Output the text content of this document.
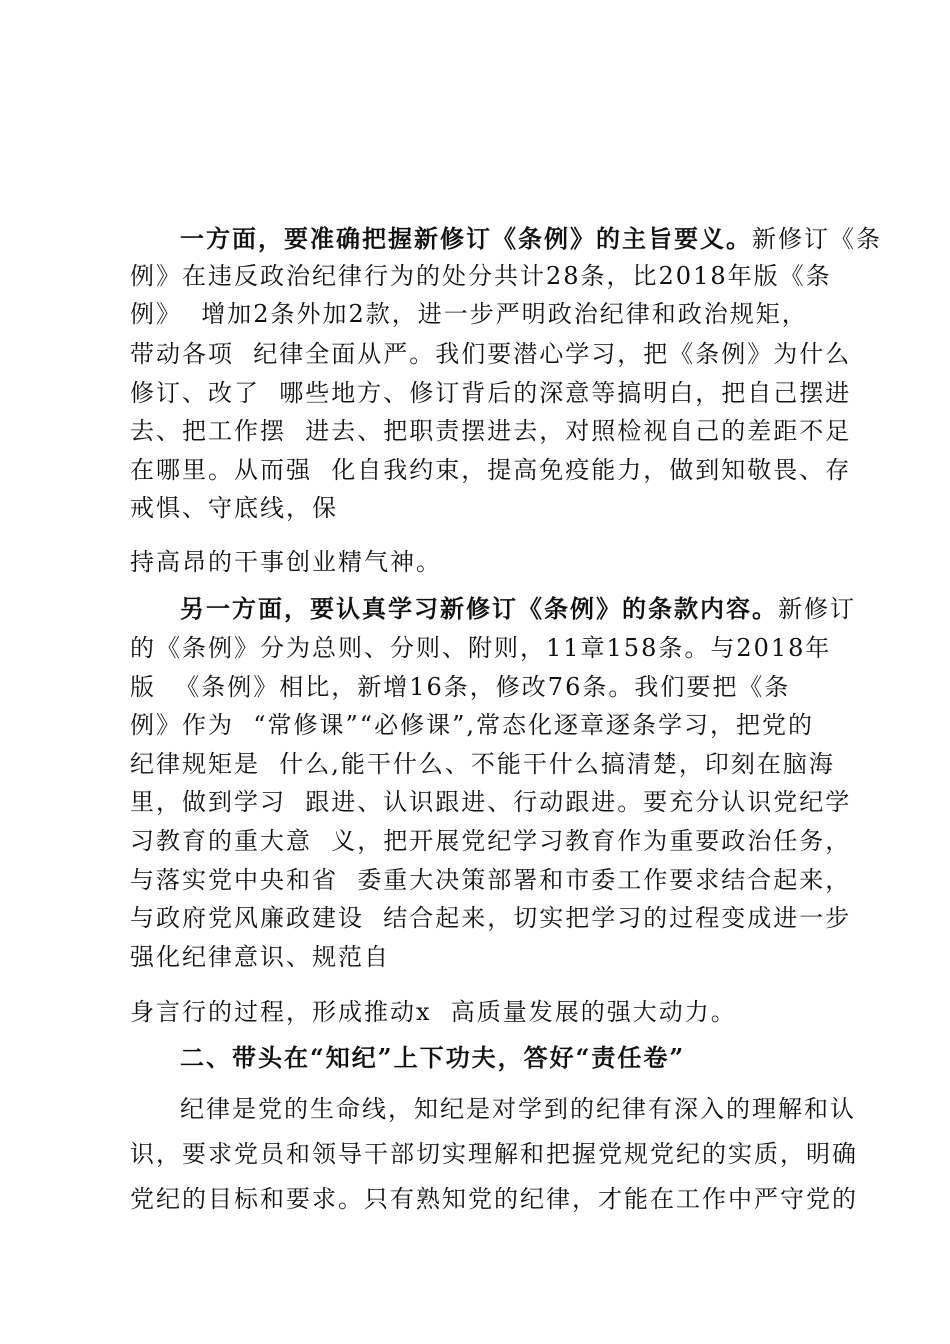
一方面，要准确把握新修订《条例》的主旨要义。新修订《条
例》在违反政治纪律行为的处分共计28条，比2018年版《条
例》  增加2条外加2款，进一步严明政治纪律和政治规矩，
带动各项  纪律全面从严。我们要潜心学习，把《条例》为什么
修订、改了  哪些地方、修订背后的深意等搞明白，把自己摆进
去、把工作摆  进去、把职责摆进去，对照检视自己的差距不足
在哪里。从而强  化自我约束，提高免疫能力，做到知敬畏、存
戒惧、守底线，保
持高昂的干事创业精气神。
另一方面，要认真学习新修订《条例》的条款内容。新修订
的《条例》分为总则、分则、附则，11章158条。与2018年
版  《条例》相比，新增16条，修改76条。我们要把《条
例》作为  “常修课”“必修课”,常态化逐章逐条学习，把党的
纪律规矩是  什么,能干什么、不能干什么搞清楚，印刻在脑海
里，做到学习  跟进、认识跟进、行动跟进。要充分认识党纪学
习教育的重大意  义，把开展党纪学习教育作为重要政治任务，
与落实党中央和省  委重大决策部署和市委工作要求结合起来，
与政府党风廉政建设  结合起来，切实把学习的过程变成进一步
强化纪律意识、规范自
身言行的过程，形成推动x  高质量发展的强大动力。
二、带头在“知纪”上下功夫，答好“责任卷”
纪律是党的生命线，知纪是对学到的纪律有深入的理解和认
识，要求党员和领导干部切实理解和把握党规党纪的实质，明确
党纪的目标和要求。只有熟知党的纪律，才能在工作中严守党的
